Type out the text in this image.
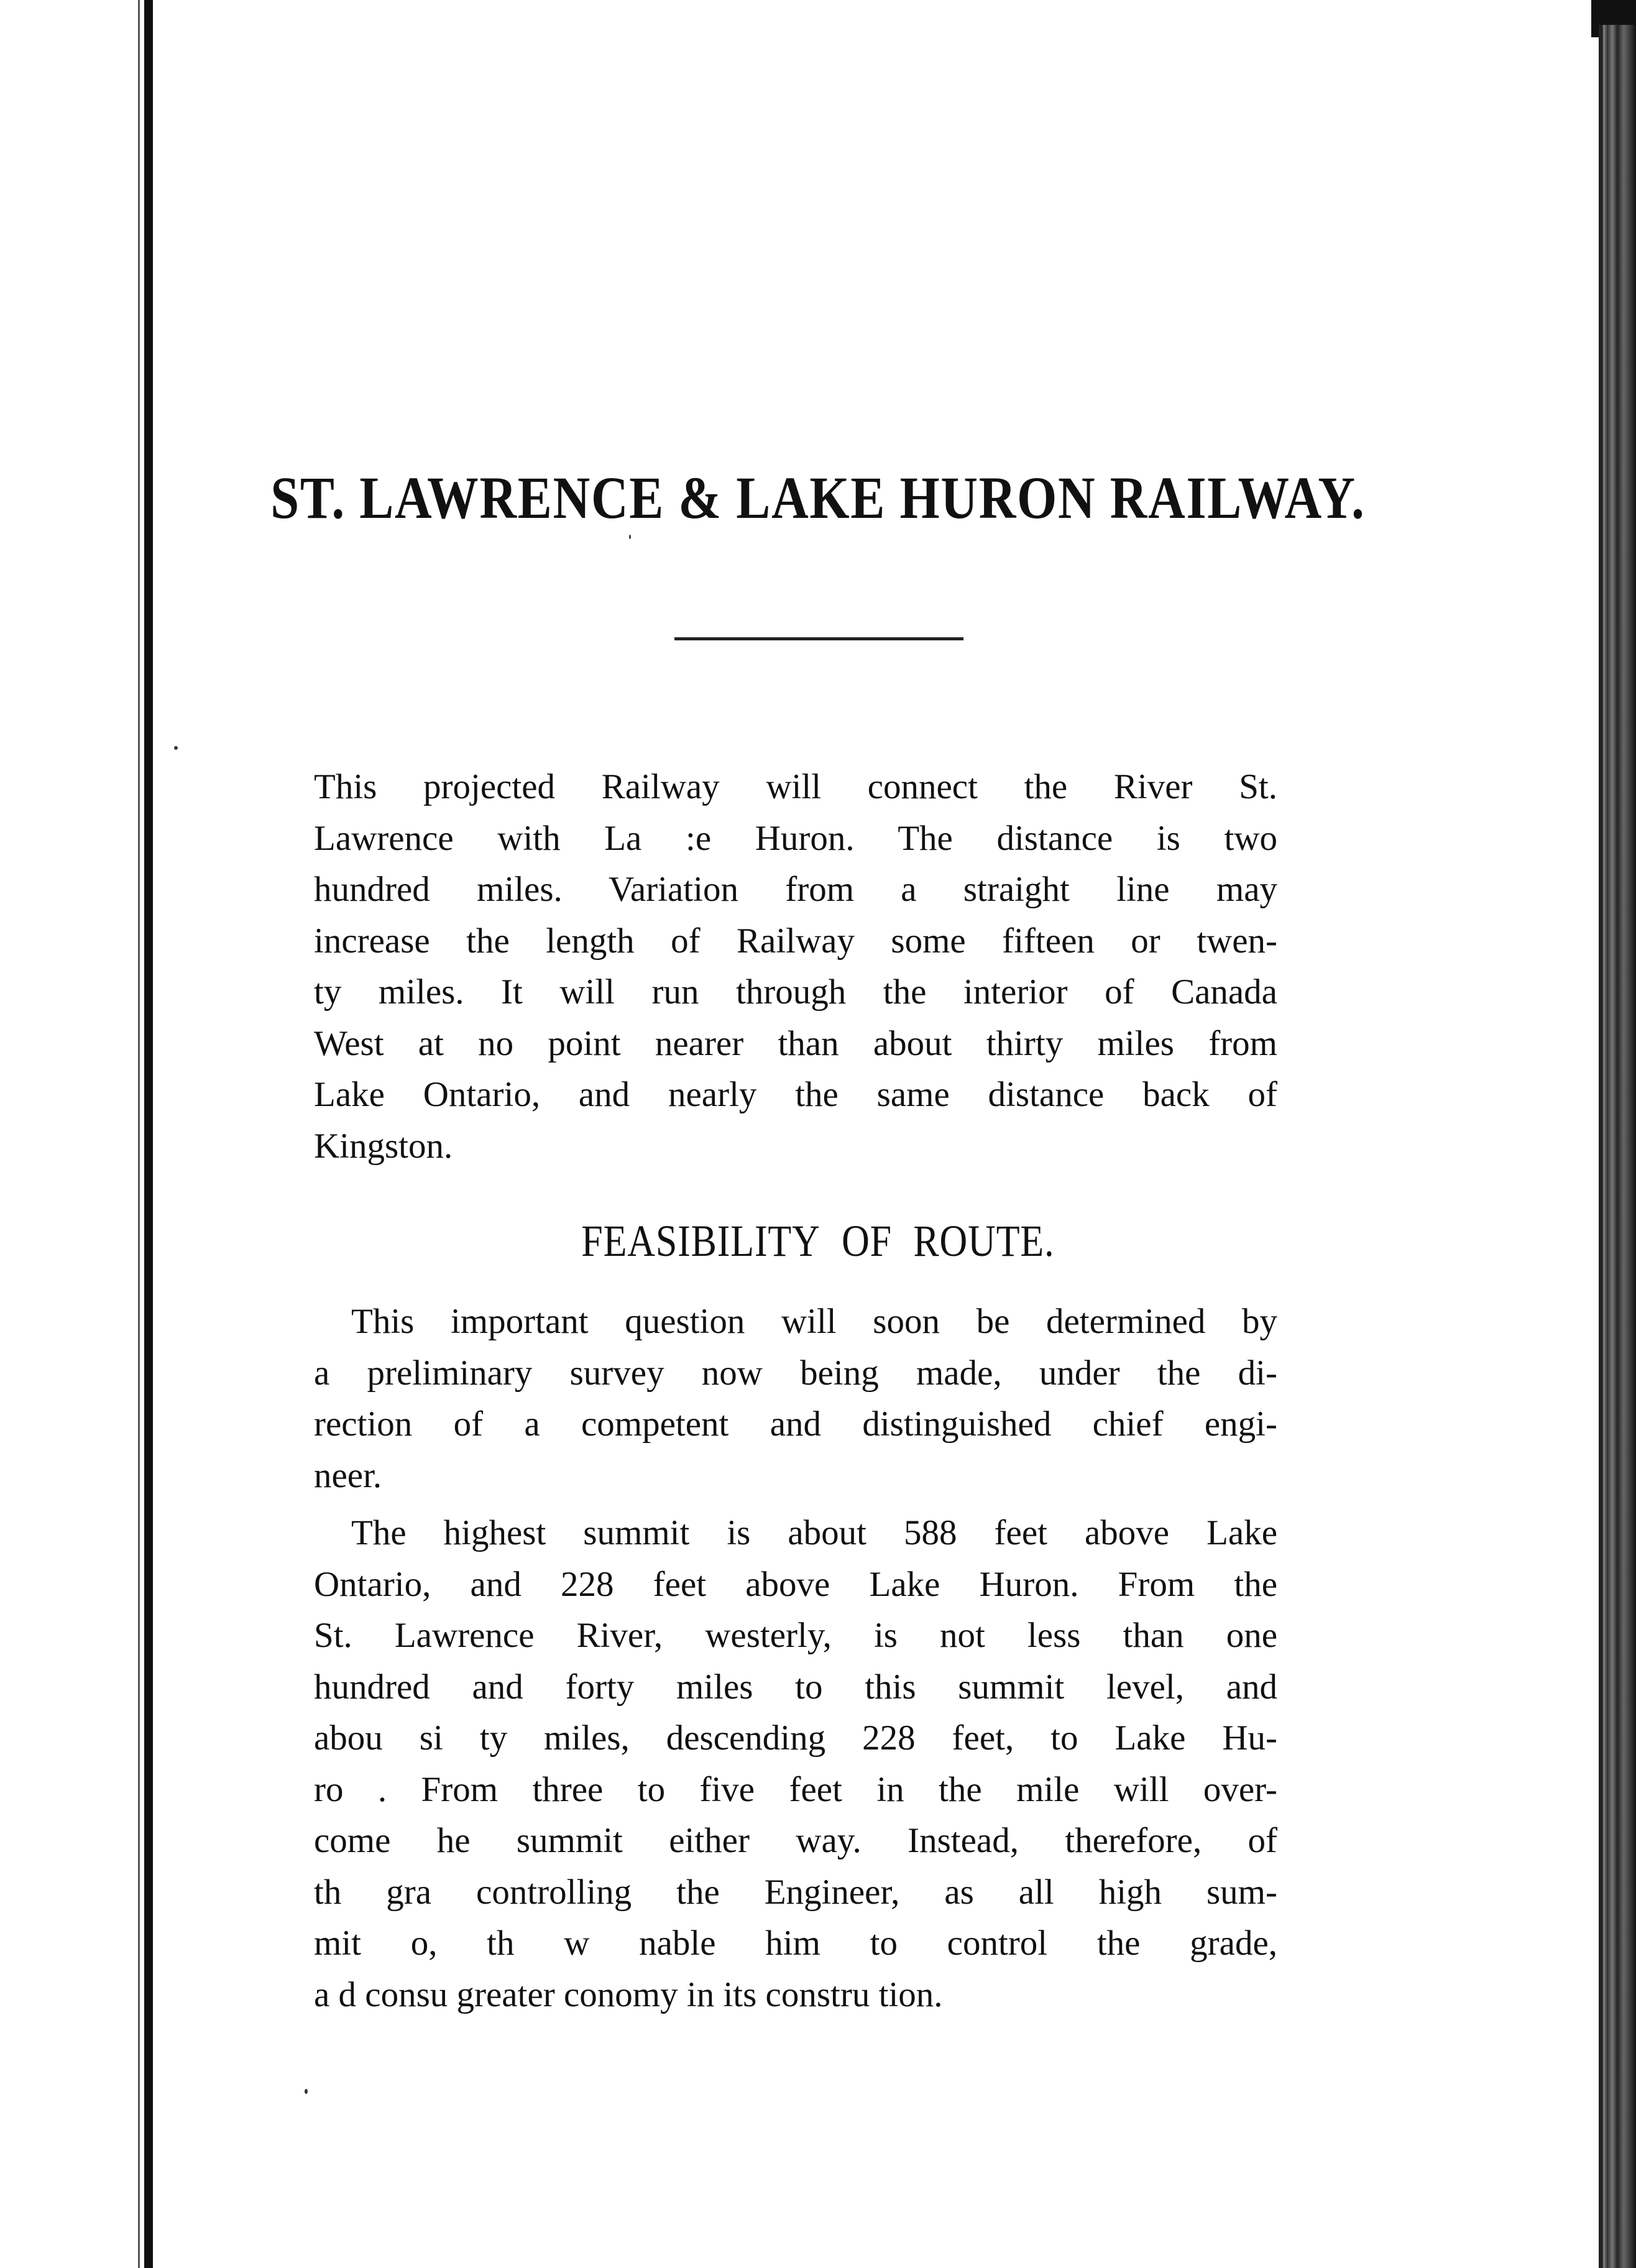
ST. LAWRENCE & LAKE HURON RAILWAY.
This projected Railway will connect the River St.
Lawrence with La :e Huron. The distance is two
hundred miles. Variation from a straight line may
increase the length of Railway some fifteen or twen-
ty miles. It will run through the interior of Canada
West at no point nearer than about thirty miles from
Lake Ontario, and nearly the same distance back of
Kingston.
FEASIBILITY OF ROUTE.
This important question will soon be determined by
a preliminary survey now being made, under the di-
rection of a competent and distinguished chief engi-
neer.
The highest summit is about 588 feet above Lake
Ontario, and 228 feet above Lake Huron. From the
St. Lawrence River, westerly, is not less than one
hundred and forty miles to this summit level, and
abou si ty miles, descending 228 feet, to Lake Hu-
ro . From three to five feet in the mile will over-
come he summit either way. Instead, therefore, of
th gra controlling the Engineer, as all high sum-
mit o, th w nable him to control the grade,
a d consu greater conomy in its constru tion.
